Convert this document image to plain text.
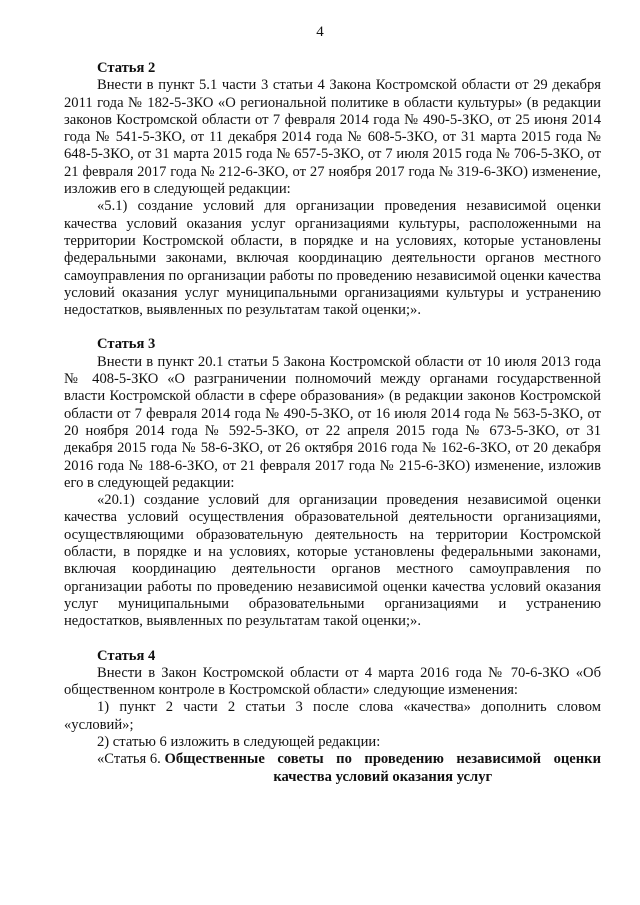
4

Статья 2

Внести в пункт 5.1 части 3 статьи 4 Закона Костромской области от 29 декабря 2011 года № 182-5-ЗКО «О региональной политике в области культуры» (в редакции законов Костромской области от 7 февраля 2014 года № 490-5-ЗКО, от 25 июня 2014 года № 541-5-ЗКО, от 11 декабря 2014 года № 608-5-ЗКО, от 31 марта 2015 года № 648-5-ЗКО, от 31 марта 2015 года № 657-5-ЗКО, от 7 июля 2015 года № 706-5-ЗКО, от 21 февраля 2017 года № 212-6-ЗКО, от 27 ноября 2017 года № 319-6-ЗКО) изменение, изложив его в следующей редакции:

«5.1) создание условий для организации проведения независимой оценки качества условий оказания услуг организациями культуры, расположенными на территории Костромской области, в порядке и на условиях, которые установлены федеральными законами, включая координацию деятельности органов местного самоуправления по организации работы по проведению независимой оценки качества условий оказания услуг муниципальными организациями культуры и устранению недостатков, выявленных по результатам такой оценки;».

Статья 3

Внести в пункт 20.1 статьи 5 Закона Костромской области от 10 июля 2013 года № 408-5-ЗКО «О разграничении полномочий между органами государственной власти Костромской области в сфере образования» (в редакции законов Костромской области от 7 февраля 2014 года № 490-5-ЗКО, от 16 июля 2014 года № 563-5-ЗКО, от 20 ноября 2014 года № 592-5-ЗКО, от 22 апреля 2015 года № 673-5-ЗКО, от 31 декабря 2015 года № 58-6-ЗКО, от 26 октября 2016 года № 162-6-ЗКО, от 20 декабря 2016 года № 188-6-ЗКО, от 21 февраля 2017 года № 215-6-ЗКО) изменение, изложив его в следующей редакции:

«20.1) создание условий для организации проведения независимой оценки качества условий осуществления образовательной деятельности организациями, осуществляющими образовательную деятельность на территории Костромской области, в порядке и на условиях, которые установлены федеральными законами, включая координацию деятельности органов местного самоуправления по организации работы по проведению независимой оценки качества условий оказания услуг муниципальными образовательными организациями и устранению недостатков, выявленных по результатам такой оценки;».

Статья 4

Внести в Закон Костромской области от 4 марта 2016 года № 70-6-ЗКО «Об общественном контроле в Костромской области» следующие изменения:

1) пункт 2 части 2 статьи 3 после слова «качества» дополнить словом «условий»;

2) статью 6 изложить в следующей редакции:

«Статья 6. Общественные советы по проведению независимой оценки качества условий оказания услуг
